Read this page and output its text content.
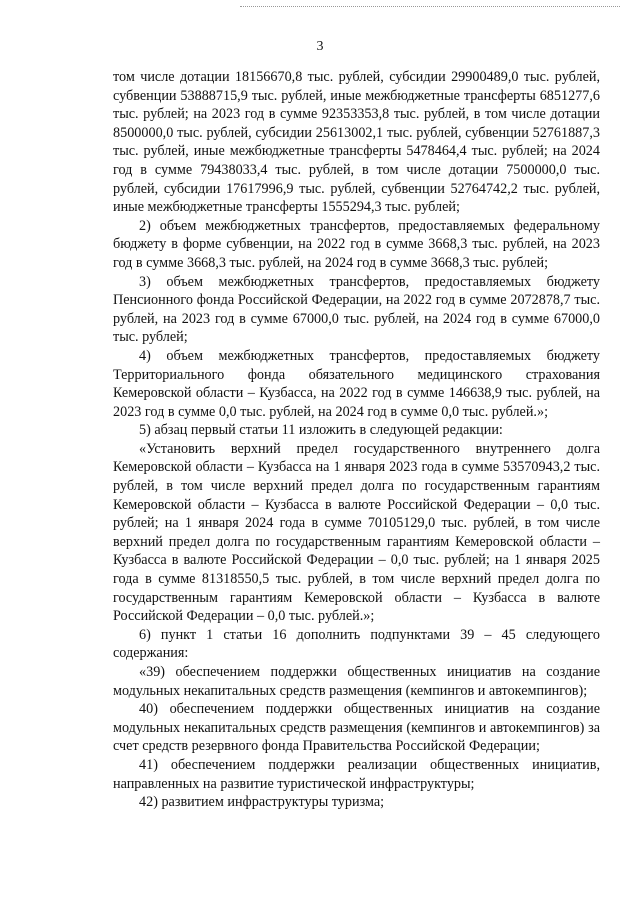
3

том числе дотации 18156670,8 тыс. рублей, субсидии 29900489,0 тыс. рублей, субвенции 53888715,9 тыс. рублей, иные межбюджетные трансферты 6851277,6 тыс. рублей; на 2023 год в сумме 92353353,8 тыс. рублей, в том числе дотации 8500000,0 тыс. рублей, субсидии 25613002,1 тыс. рублей, субвенции 52761887,3 тыс. рублей, иные межбюджетные трансферты 5478464,4 тыс. рублей; на 2024 год в сумме 79438033,4 тыс. рублей, в том числе дотации 7500000,0 тыс. рублей, субсидии 17617996,9 тыс. рублей, субвенции 52764742,2 тыс. рублей, иные межбюджетные трансферты 1555294,3 тыс. рублей;

2) объем межбюджетных трансфертов, предоставляемых федеральному бюджету в форме субвенции, на 2022 год в сумме 3668,3 тыс. рублей, на 2023 год в сумме 3668,3 тыс. рублей, на 2024 год в сумме 3668,3 тыс. рублей;

3) объем межбюджетных трансфертов, предоставляемых бюджету Пенсионного фонда Российской Федерации, на 2022 год в сумме 2072878,7 тыс. рублей, на 2023 год в сумме 67000,0 тыс. рублей, на 2024 год в сумме 67000,0 тыс. рублей;

4) объем межбюджетных трансфертов, предоставляемых бюджету Территориального фонда обязательного медицинского страхования Кемеровской области – Кузбасса, на 2022 год в сумме 146638,9 тыс. рублей, на 2023 год в сумме 0,0 тыс. рублей, на 2024 год в сумме 0,0 тыс. рублей.»;

5) абзац первый статьи 11 изложить в следующей редакции:

«Установить верхний предел государственного внутреннего долга Кемеровской области – Кузбасса на 1 января 2023 года в сумме 53570943,2 тыс. рублей, в том числе верхний предел долга по государственным гарантиям Кемеровской области – Кузбасса в валюте Российской Федерации – 0,0 тыс. рублей; на 1 января 2024 года в сумме 70105129,0 тыс. рублей, в том числе верхний предел долга по государственным гарантиям Кемеровской области – Кузбасса в валюте Российской Федерации – 0,0 тыс. рублей; на 1 января 2025 года в сумме 81318550,5 тыс. рублей, в том числе верхний предел долга по государственным гарантиям Кемеровской области – Кузбасса в валюте Российской Федерации – 0,0 тыс. рублей.»;

6) пункт 1 статьи 16 дополнить подпунктами 39 – 45 следующего содержания:

«39) обеспечением поддержки общественных инициатив на создание модульных некапитальных средств размещения (кемпингов и автокемпингов);

40) обеспечением поддержки общественных инициатив на создание модульных некапитальных средств размещения (кемпингов и автокемпингов) за счет средств резервного фонда Правительства Российской Федерации;

41) обеспечением поддержки реализации общественных инициатив, направленных на развитие туристической инфраструктуры;

42) развитием инфраструктуры туризма;
